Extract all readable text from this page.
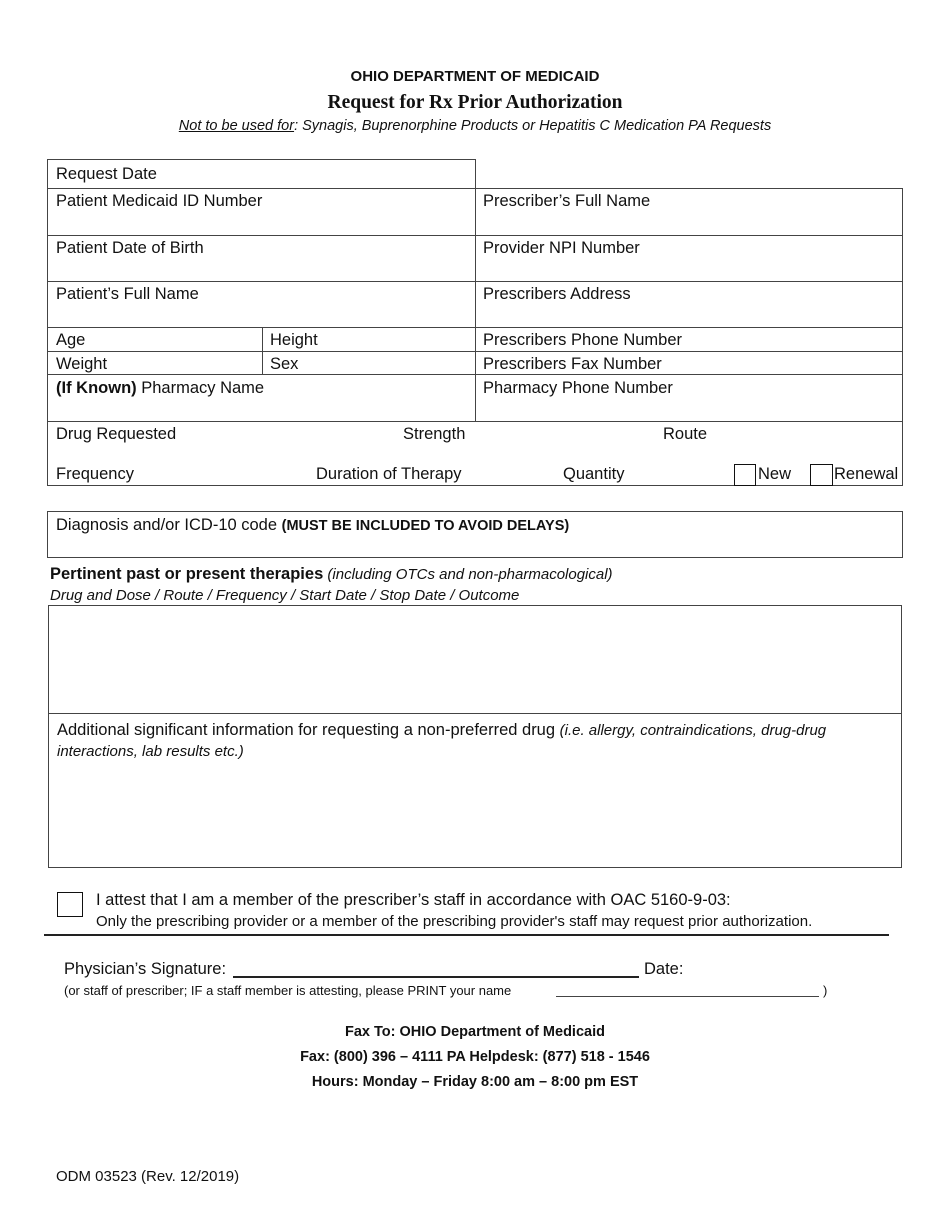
OHIO DEPARTMENT OF MEDICAID
Request for Rx Prior Authorization
Not to be used for: Synagis, Buprenorphine Products or Hepatitis C Medication PA Requests
Request Date
Patient Medicaid ID Number	Prescriber’s Full Name
Patient Date of Birth	Provider NPI Number
Patient’s Full Name	Prescribers Address
Age	Height	Prescribers Phone Number
Weight	Sex	Prescribers Fax Number
(If Known) Pharmacy Name	Pharmacy Phone Number
Drug Requested	Strength	Route
Frequency	Duration of Therapy	Quantity	New	Renewal
Diagnosis and/or ICD-10 code (MUST BE INCLUDED TO AVOID DELAYS)
Pertinent past or present therapies (including OTCs and non-pharmacological)
Drug and Dose / Route / Frequency / Start Date / Stop Date / Outcome
Additional significant information for requesting a non-preferred drug (i.e. allergy, contraindications, drug-drug
interactions, lab results etc.)
I attest that I am a member of the prescriber’s staff in accordance with OAC 5160-9-03:
Only the prescribing provider or a member of the prescribing provider's staff may request prior authorization.
Physician’s Signature:	Date:
(or staff of prescriber; IF a staff member is attesting, please PRINT your name	)
Fax To: OHIO Department of Medicaid
Fax: (800) 396 – 4111 PA Helpdesk: (877) 518 - 1546
Hours: Monday – Friday 8:00 am – 8:00 pm EST
ODM 03523 (Rev. 12/2019)
